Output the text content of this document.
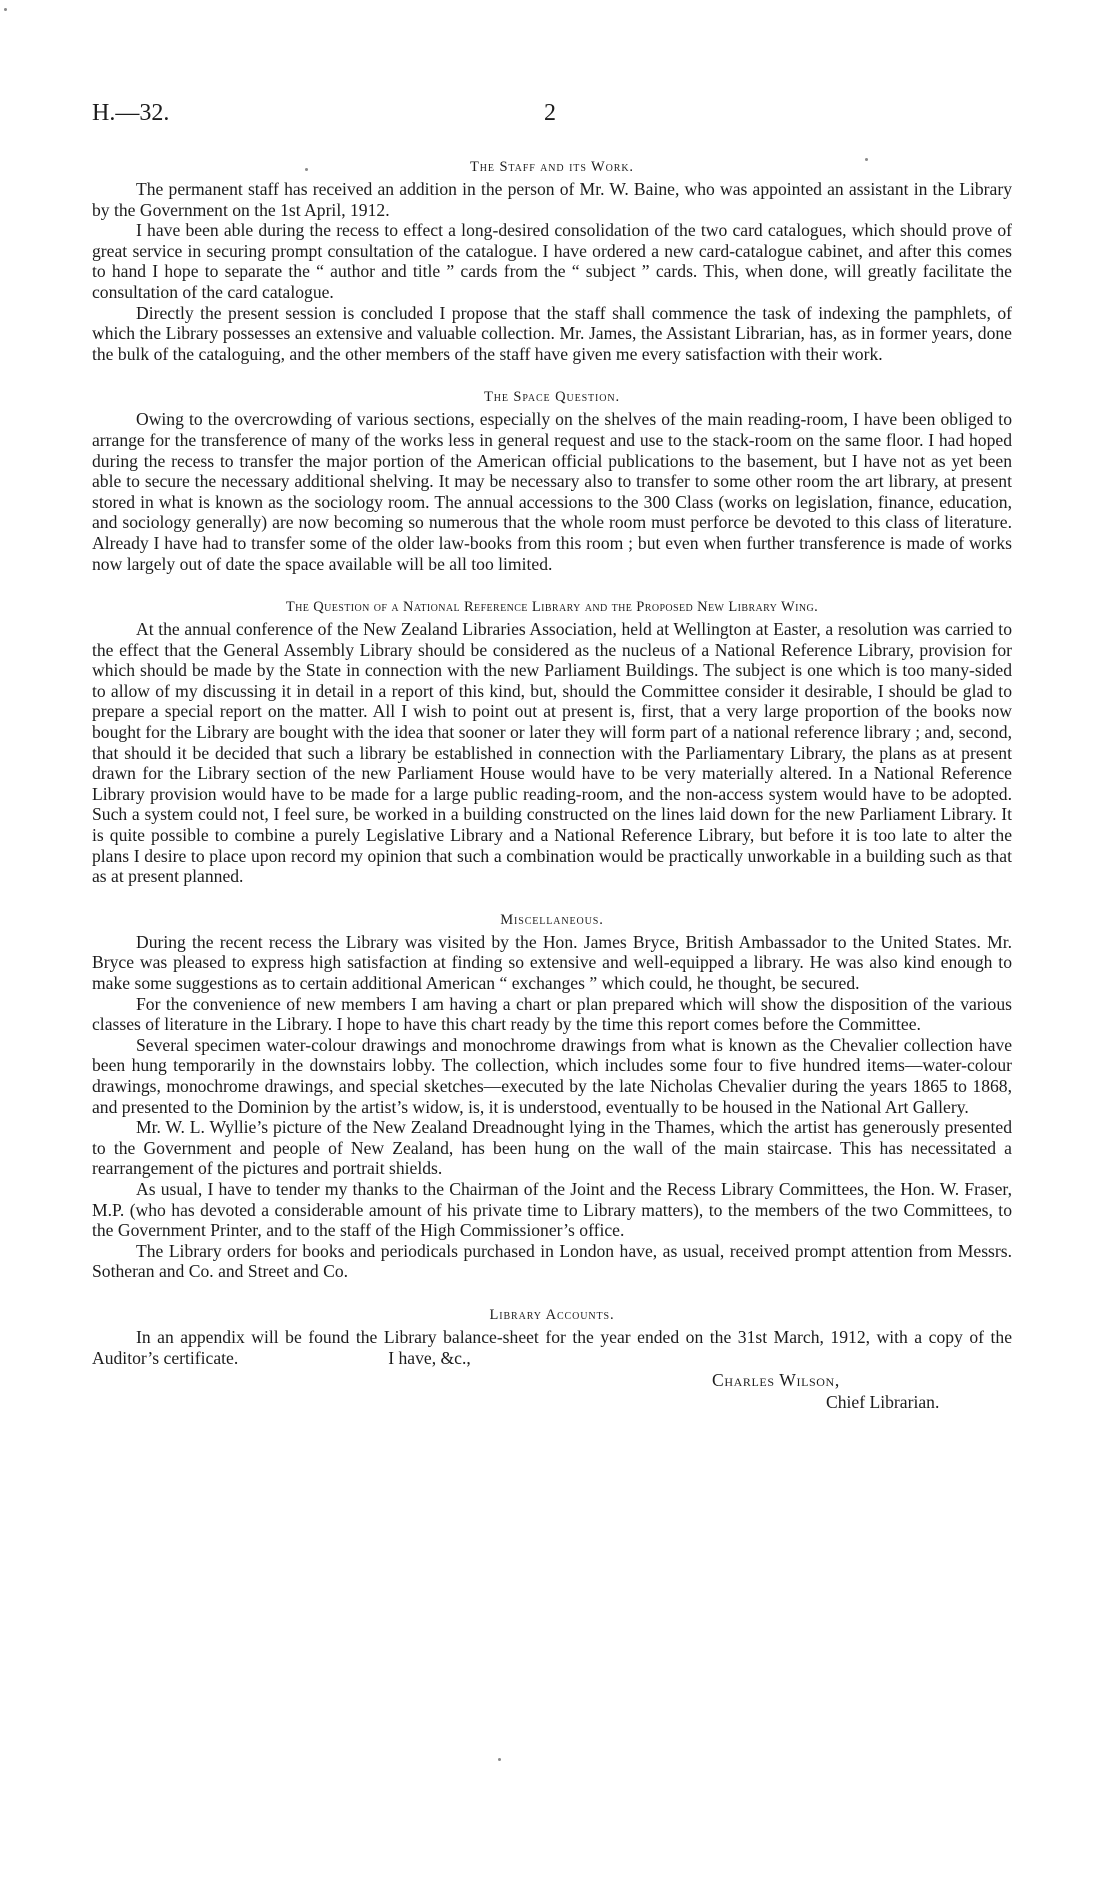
H.—32.	2
The Staff and its Work.

The permanent staff has received an addition in the person of Mr. W. Baine, who was appointed an assistant in the Library by the Government on the 1st April, 1912.

I have been able during the recess to effect a long-desired consolidation of the two card catalogues, which should prove of great service in securing prompt consultation of the catalogue. I have ordered a new card-catalogue cabinet, and after this comes to hand I hope to separate the “ author and title ” cards from the “ subject ” cards. This, when done, will greatly facilitate the consultation of the card catalogue.

Directly the present session is concluded I propose that the staff shall commence the task of indexing the pamphlets, of which the Library possesses an extensive and valuable collection. Mr. James, the Assistant Librarian, has, as in former years, done the bulk of the cataloguing, and the other members of the staff have given me every satisfaction with their work.

The Space Question.

Owing to the overcrowding of various sections, especially on the shelves of the main reading-room, I have been obliged to arrange for the transference of many of the works less in general request and use to the stack-room on the same floor. I had hoped during the recess to transfer the major portion of the American official publications to the basement, but I have not as yet been able to secure the necessary additional shelving. It may be necessary also to transfer to some other room the art library, at present stored in what is known as the sociology room. The annual accessions to the 300 Class (works on legislation, finance, education, and sociology generally) are now becoming so numerous that the whole room must perforce be devoted to this class of literature. Already I have had to transfer some of the older law-books from this room ; but even when further transference is made of works now largely out of date the space available will be all too limited.

The Question of a National Reference Library and the Proposed New Library Wing.

At the annual conference of the New Zealand Libraries Association, held at Wellington at Easter, a resolution was carried to the effect that the General Assembly Library should be considered as the nucleus of a National Reference Library, provision for which should be made by the State in connection with the new Parliament Buildings. The subject is one which is too many-sided to allow of my discussing it in detail in a report of this kind, but, should the Committee consider it desirable, I should be glad to prepare a special report on the matter. All I wish to point out at present is, first, that a very large proportion of the books now bought for the Library are bought with the idea that sooner or later they will form part of a national reference library ; and, second, that should it be decided that such a library be established in connection with the Parliamentary Library, the plans as at present drawn for the Library section of the new Parliament House would have to be very materially altered. In a National Reference Library provision would have to be made for a large public reading-room, and the non-access system would have to be adopted. Such a system could not, I feel sure, be worked in a building constructed on the lines laid down for the new Parliament Library. It is quite possible to combine a purely Legislative Library and a National Reference Library, but before it is too late to alter the plans I desire to place upon record my opinion that such a combination would be practically unworkable in a building such as that as at present planned.

Miscellaneous.

During the recent recess the Library was visited by the Hon. James Bryce, British Ambassador to the United States. Mr. Bryce was pleased to express high satisfaction at finding so extensive and well-equipped a library. He was also kind enough to make some suggestions as to certain additional American “ exchanges ” which could, he thought, be secured.

For the convenience of new members I am having a chart or plan prepared which will show the disposition of the various classes of literature in the Library. I hope to have this chart ready by the time this report comes before the Committee.

Several specimen water-colour drawings and monochrome drawings from what is known as the Chevalier collection have been hung temporarily in the downstairs lobby. The collection, which includes some four to five hundred items—water-colour drawings, monochrome drawings, and special sketches—executed by the late Nicholas Chevalier during the years 1865 to 1868, and presented to the Dominion by the artist’s widow, is, it is understood, eventually to be housed in the National Art Gallery.

Mr. W. L. Wyllie’s picture of the New Zealand Dreadnought lying in the Thames, which the artist has generously presented to the Government and people of New Zealand, has been hung on the wall of the main staircase. This has necessitated a rearrangement of the pictures and portrait shields.

As usual, I have to tender my thanks to the Chairman of the Joint and the Recess Library Committees, the Hon. W. Fraser, M.P. (who has devoted a considerable amount of his private time to Library matters), to the members of the two Committees, to the Government Printer, and to the staff of the High Commissioner’s office.

The Library orders for books and periodicals purchased in London have, as usual, received prompt attention from Messrs. Sotheran and Co. and Street and Co.

Library Accounts.

In an appendix will be found the Library balance-sheet for the year ended on the 31st March, 1912, with a copy of the Auditor’s certificate.	I have, &c.,

Charles Wilson,
Chief Librarian.
